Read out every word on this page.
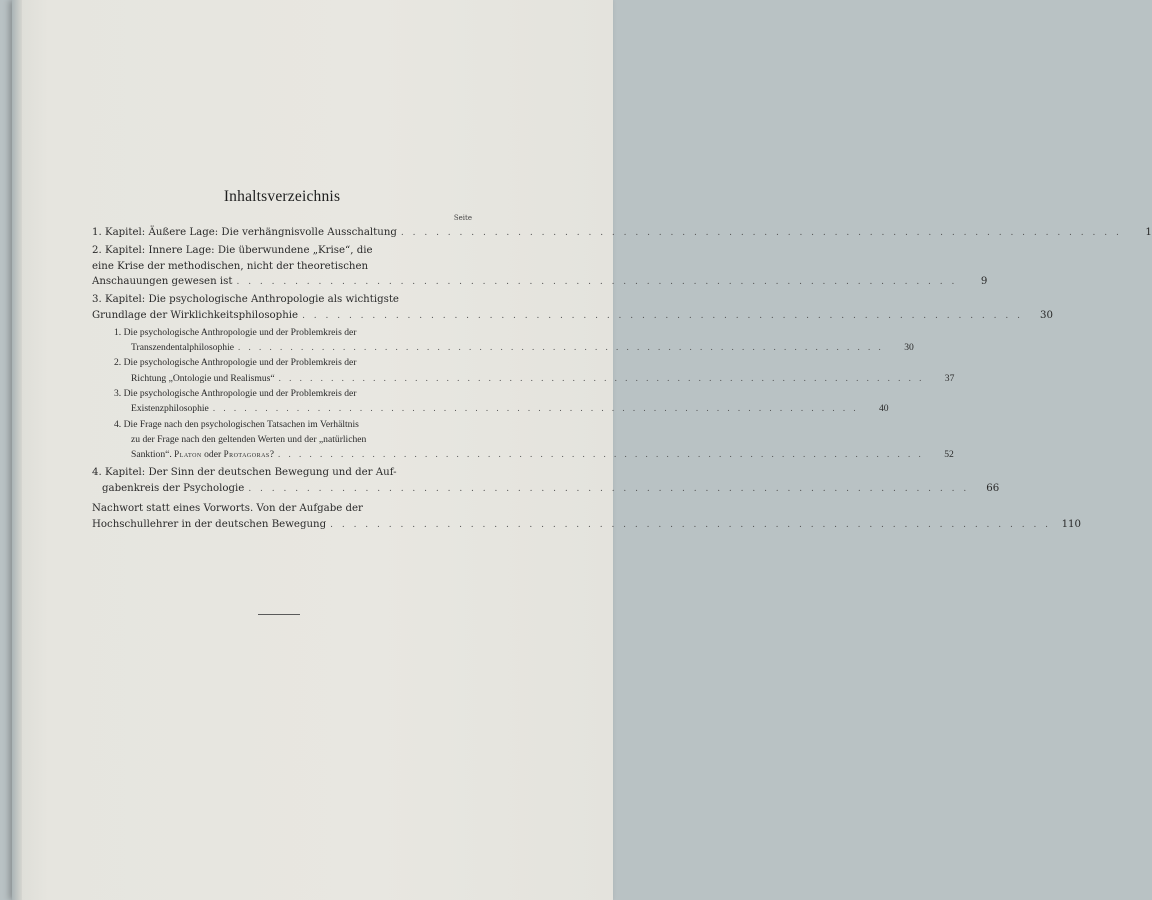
Inhaltsverzeichnis
Seite
1. Kapitel: Äußere Lage: Die verhängnisvolle Ausschaltung . . .	1
2. Kapitel: Innere Lage: Die überwundene „Krise“, die
eine Krise der methodischen, nicht der theoretischen
Anschauungen gewesen ist . . .	9
3. Kapitel: Die psychologische Anthropologie als wichtigste
Grundlage der Wirklichkeitsphilosophie . . .	30
1. Die psychologische Anthropologie und der Problemkreis der
Transzendentalphilosophie . . .	30
2. Die psychologische Anthropologie und der Problemkreis der
Richtung „Ontologie und Realismus“ . . .	37
3. Die psychologische Anthropologie und der Problemkreis der
Existenzphilosophie . . .	40
4. Die Frage nach den psychologischen Tatsachen im Verhältnis
zu der Frage nach den geltenden Werten und der „natürlichen
Sanktion“. Platon oder Protagoras? . . .	52
4. Kapitel: Der Sinn der deutschen Bewegung und der Auf-
gabenkreis der Psychologie . . .	66
Nachwort statt eines Vorworts. Von der Aufgabe der
Hochschullehrer in der deutschen Bewegung . . .	110
